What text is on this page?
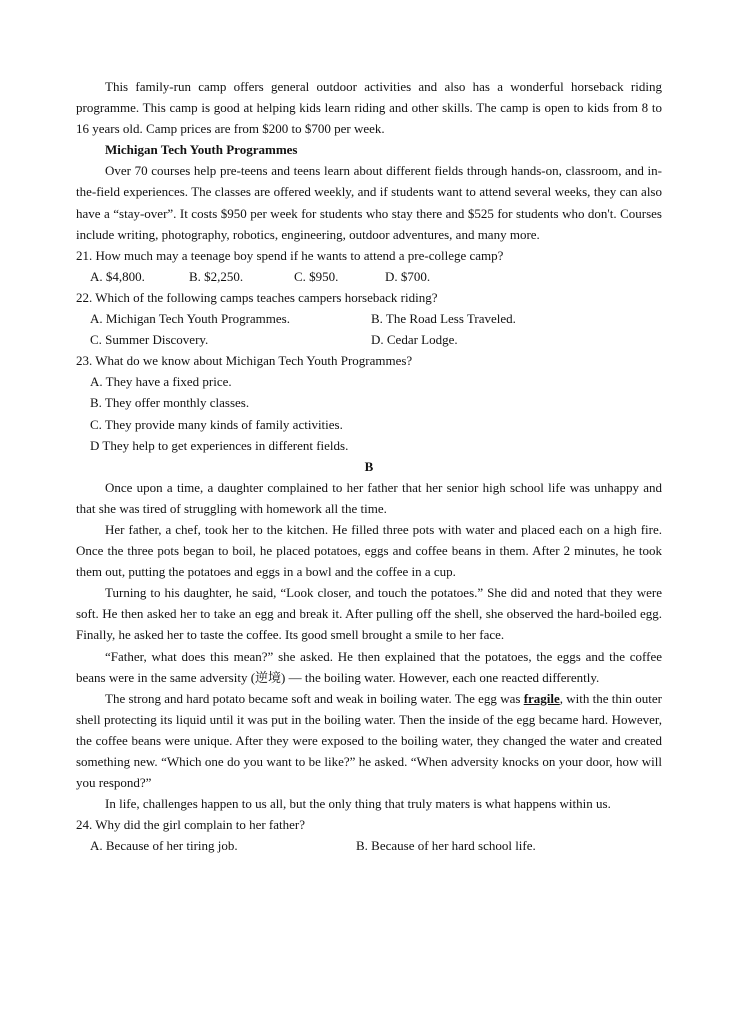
This family-run camp offers general outdoor activities and also has a wonderful horseback riding programme. This camp is good at helping kids learn riding and other skills. The camp is open to kids from 8 to 16 years old. Camp prices are from $200 to $700 per week.

Michigan Tech Youth Programmes

Over 70 courses help pre-teens and teens learn about different fields through hands-on, classroom, and in-the-field experiences. The classes are offered weekly, and if students want to attend several weeks, they can also have a “stay-over”. It costs $950 per week for students who stay there and $525 for students who don't. Courses include writing, photography, robotics, engineering, outdoor adventures, and many more.

21. How much may a teenage boy spend if he wants to attend a pre-college camp?

A. $4,800.	B. $2,250.	C. $950.	D. $700.

22. Which of the following camps teaches campers horseback riding?

A. Michigan Tech Youth Programmes.	B. The Road Less Traveled.
C. Summer Discovery.	D. Cedar Lodge.

23. What do we know about Michigan Tech Youth Programmes?

A. They have a fixed price.

B. They offer monthly classes.

C. They provide many kinds of family activities.

D They help to get experiences in different fields.

B

Once upon a time, a daughter complained to her father that her senior high school life was unhappy and that she was tired of struggling with homework all the time.

Her father, a chef, took her to the kitchen. He filled three pots with water and placed each on a high fire. Once the three pots began to boil, he placed potatoes, eggs and coffee beans in them. After 2 minutes, he took them out, putting the potatoes and eggs in a bowl and the coffee in a cup.

Turning to his daughter, he said, “Look closer, and touch the potatoes.” She did and noted that they were soft. He then asked her to take an egg and break it. After pulling off the shell, she observed the hard-boiled egg. Finally, he asked her to taste the coffee. Its good smell brought a smile to her face.

“Father, what does this mean?” she asked. He then explained that the potatoes, the eggs and the coffee beans were in the same adversity (逆境) — the boiling water. However, each one reacted differently.

The strong and hard potato became soft and weak in boiling water. The egg was fragile, with the thin outer shell protecting its liquid until it was put in the boiling water. Then the inside of the egg became hard. However, the coffee beans were unique. After they were exposed to the boiling water, they changed the water and created something new. “Which one do you want to be like?” he asked. “When adversity knocks on your door, how will you respond?”

In life, challenges happen to us all, but the only thing that truly maters is what happens within us.

24. Why did the girl complain to her father?

A. Because of her tiring job.	B. Because of her hard school life.
